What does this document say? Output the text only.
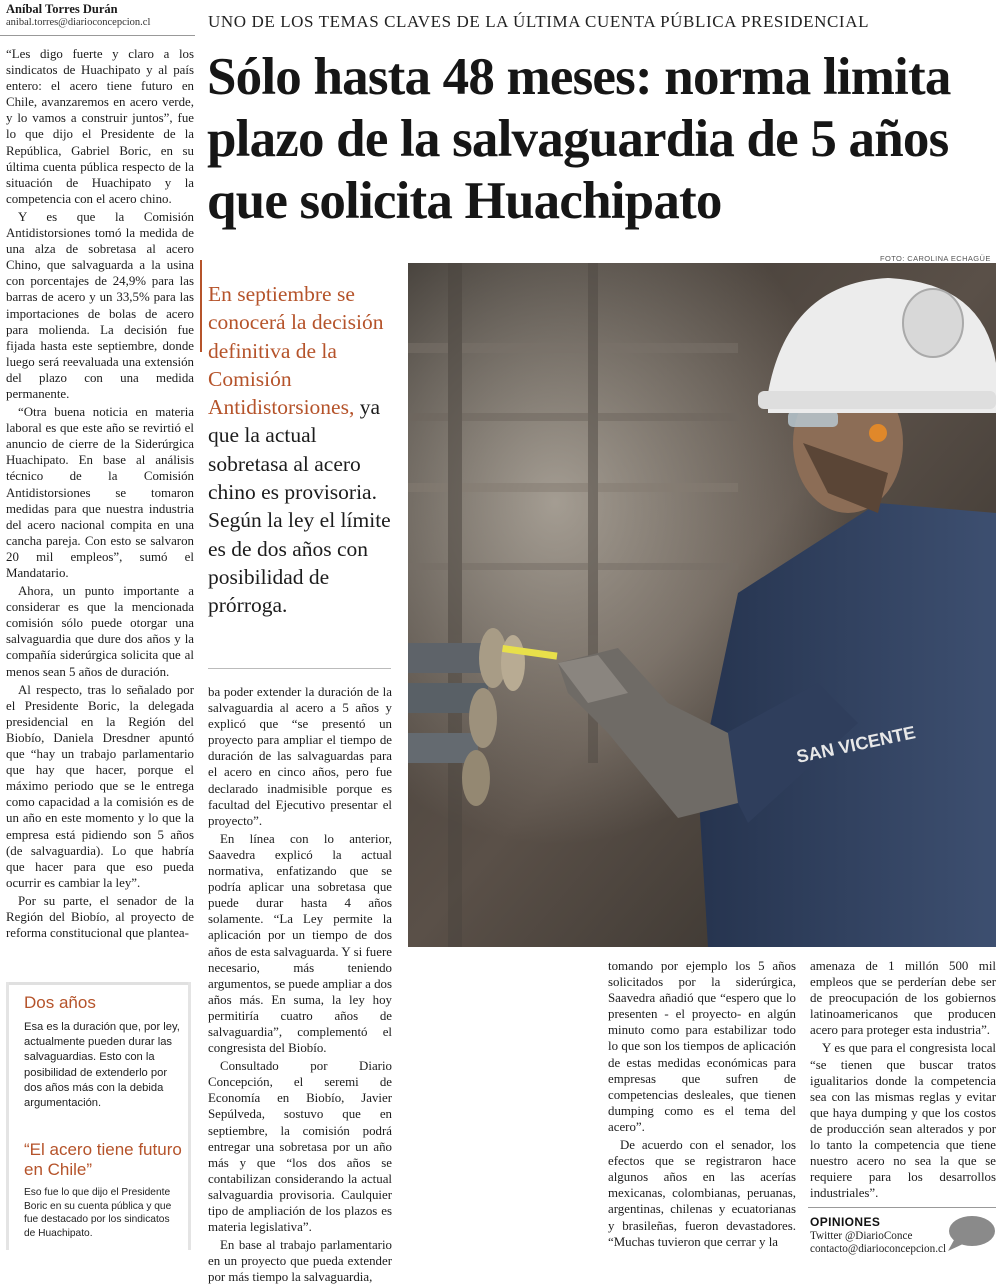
Aníbal Torres Durán
anibal.torres@diarioconcepcion.cl

“Les digo fuerte y claro a los sindicatos de Huachipato y al país entero: el acero tiene futuro en Chile, avanzaremos en acero verde, y lo vamos a construir juntos”, fue lo que dijo el Presidente de la República, Gabriel Boric, en su última cuenta pública respecto de la situación de Huachipato y la competencia con el acero chino.

Y es que la Comisión Antidistorsiones tomó la medida de una alza de sobretasa al acero Chino, que salvaguarda a la usina con porcentajes de 24,9% para las barras de acero y un 33,5% para las importaciones de bolas de acero para molienda. La decisión fue fijada hasta este septiembre, donde luego será reevaluada una extensión del plazo con una medida permanente.

“Otra buena noticia en materia laboral es que este año se revirtió el anuncio de cierre de la Siderúrgica Huachipato. En base al análisis técnico de la Comisión Antidistorsiones se tomaron medidas para que nuestra industria del acero nacional compita en una cancha pareja. Con esto se salvaron 20 mil empleos”, sumó el Mandatario.

Ahora, un punto importante a considerar es que la mencionada comisión sólo puede otorgar una salvaguardia que dure dos años y la compañía siderúrgica solicita que al menos sean 5 años de duración.

Al respecto, tras lo señalado por el Presidente Boric, la delegada presidencial en la Región del Biobío, Daniela Dresdner apuntó que “hay un trabajo parlamentario que hay que hacer, porque el máximo periodo que se le entrega como capacidad a la comisión es de un año en este momento y lo que la empresa está pidiendo son 5 años (de salvaguardia). Lo que habría que hacer para que eso pueda ocurrir es cambiar la ley”.

Por su parte, el senador de la Región del Biobío, al proyecto de reforma constitucional que plantea-

UNO DE LOS TEMAS CLAVES DE LA ÚLTIMA CUENTA PÚBLICA PRESIDENCIAL
Sólo hasta 48 meses: norma limita plazo de la salvaguardia de 5 años que solicita Huachipato
FOTO: CAROLINA ECHAGÜE
SAN VICENTE
En septiembre se conocerá la decisión definitiva de la Comisión Antidistorsiones, ya que la actual sobretasa al acero chino es provisoria. Según la ley el límite es de dos años con posibilidad de prórroga.

ba poder extender la duración de la salvaguardia al acero a 5 años y explicó que “se presentó un proyecto para ampliar el tiempo de duración de las salvaguardas para el acero en cinco años, pero fue declarado inadmisible porque es facultad del Ejecutivo presentar el proyecto”.

En línea con lo anterior, Saavedra explicó la actual normativa, enfatizando que se podría aplicar una sobretasa que puede durar hasta 4 años solamente. “La Ley permite la aplicación por un tiempo de dos años de esta salvaguarda. Y si fuere necesario, más teniendo argumentos, se puede ampliar a dos años más. En suma, la ley hoy permitiría cuatro años de salvaguardia”, complementó el congresista del Biobío.

Consultado por Diario Concepción, el seremi de Economía en Biobío, Javier Sepúlveda, sostuvo que en septiembre, la comisión podrá entregar una sobretasa por un año más y que “los dos años se contabilizan considerando la actual salvaguardia provisoria. Caulquier tipo de ampliación de los plazos es materia legislativa”.

En base al trabajo parlamentario en un proyecto que pueda extender por más tiempo la salvaguardia,

tomando por ejemplo los 5 años solicitados por la siderúrgica, Saavedra añadió que “espero que lo presenten - el proyecto- en algún minuto como para estabilizar todo lo que son los tiempos de aplicación de estas medidas económicas para empresas que sufren de competencias desleales, que tienen dumping como es el tema del acero”.

De acuerdo con el senador, los efectos que se registraron hace algunos años en las acerías mexicanas, colombianas, peruanas, argentinas, chilenas y ecuatorianas y brasileñas, fueron devastadores. “Muchas tuvieron que cerrar y la

amenaza de 1 millón 500 mil empleos que se perderían debe ser de preocupación de los gobiernos latinoamericanos que producen acero para proteger esta industria”.

Y es que para el congresista local “se tienen que buscar tratos igualitarios donde la competencia sea con las mismas reglas y evitar que haya dumping y que los costos de producción sean alterados y por lo tanto la competencia que tiene nuestro acero no sea la que se requiere para los desarrollos industriales”.

Dos años
Esa es la duración que, por ley, actualmente pueden durar las salvaguardias. Esto con la posibilidad de extenderlo por dos años más con la debida argumentación.
“El acero tiene futuro en Chile”
Eso fue lo que dijo el Presidente Boric en su cuenta pública y que fue destacado por los sindicatos de Huachipato.
OPINIONES
Twitter @DiarioConce
contacto@diarioconcepcion.cl
